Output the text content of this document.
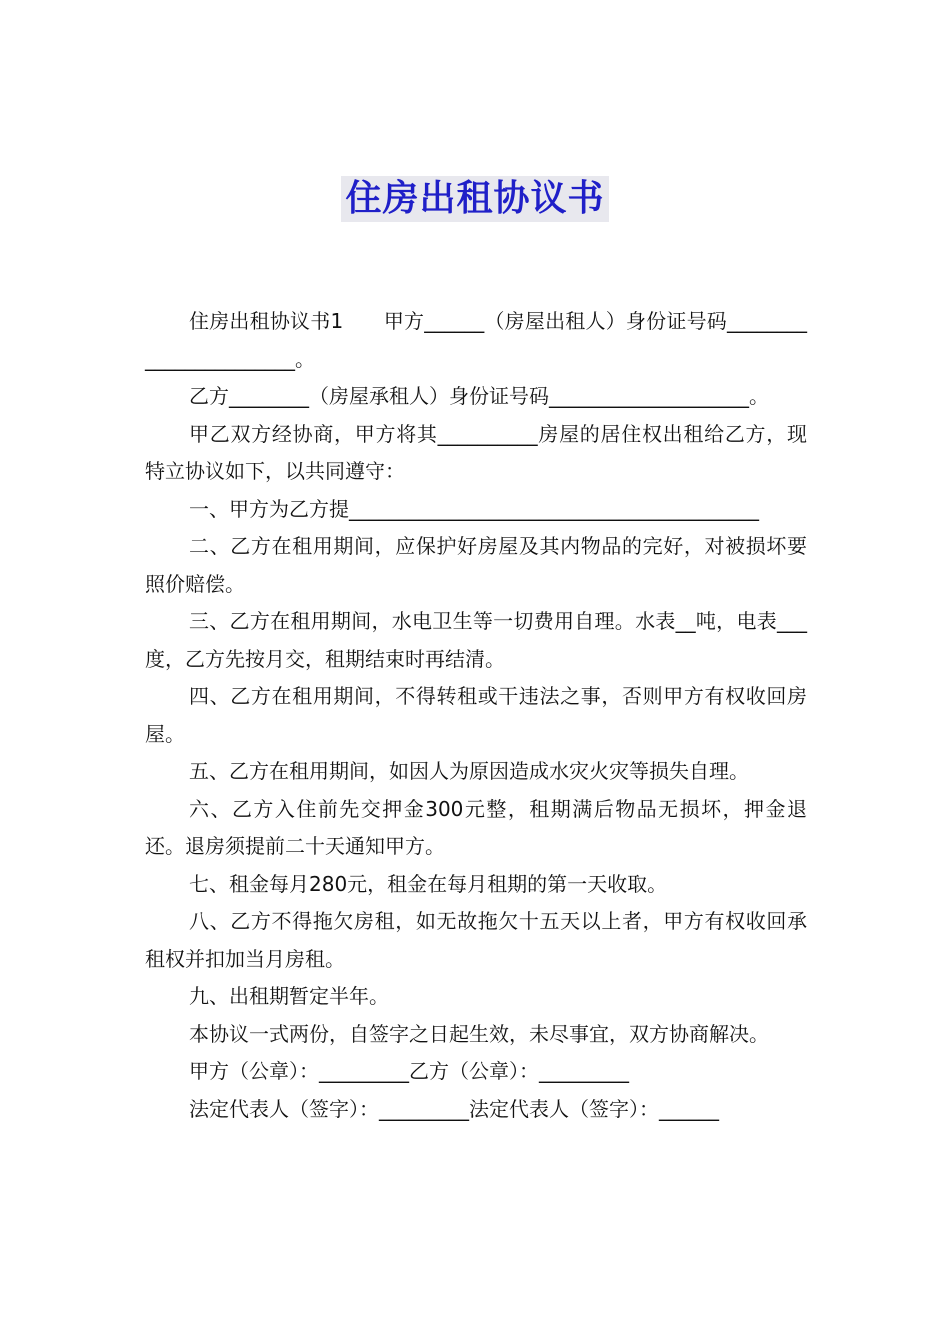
住房出租协议书

住房出租协议书1　　甲方______（房屋出租人）身份证号码_______________________。

乙方________（房屋承租人）身份证号码____________________。

甲乙双方经协商，甲方将其__________房屋的居住权出租给乙方，现特立协议如下，以共同遵守：

一、甲方为乙方提_________________________________________

二、乙方在租用期间，应保护好房屋及其内物品的完好，对被损坏要照价赔偿。

三、乙方在租用期间，水电卫生等一切费用自理。水表__吨，电表___度，乙方先按月交，租期结束时再结清。

四、乙方在租用期间，不得转租或干违法之事，否则甲方有权收回房屋。

五、乙方在租用期间，如因人为原因造成水灾火灾等损失自理。

六、乙方入住前先交押金300元整，租期满后物品无损坏，押金退还。退房须提前二十天通知甲方。

七、租金每月280元，租金在每月租期的第一天收取。

八、乙方不得拖欠房租，如无故拖欠十五天以上者，甲方有权收回承租权并扣加当月房租。

九、出租期暂定半年。

本协议一式两份，自签字之日起生效，未尽事宜，双方协商解决。

甲方（公章）：_________乙方（公章）：_________

法定代表人（签字）：_________法定代表人（签字）：______
